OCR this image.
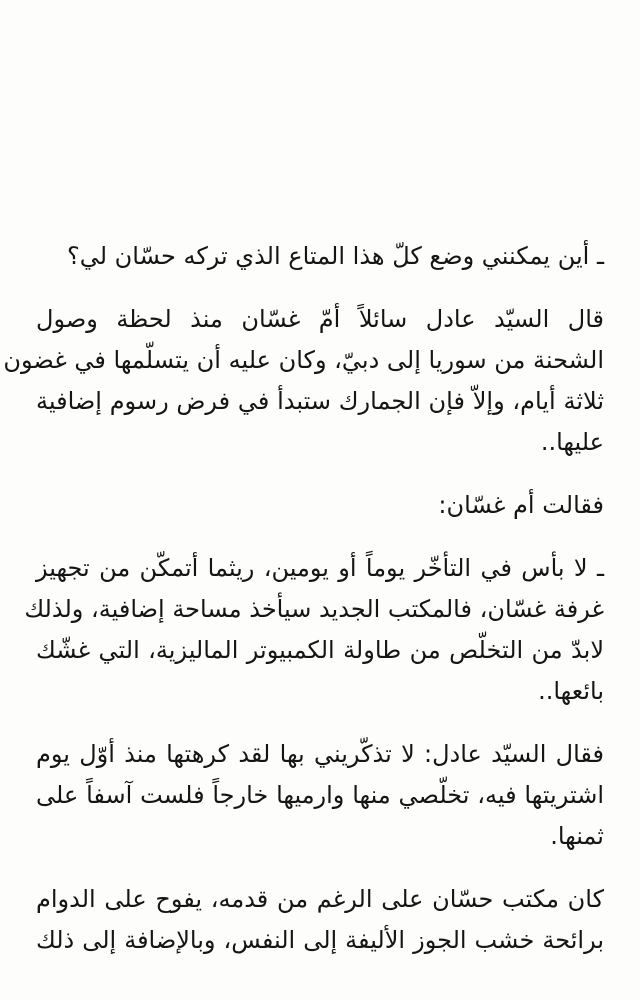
ـ أين يمكنني وضع كلّ هذا المتاع الذي تركه حسّان لي؟
قال السيّد عادل سائلاً أمّ غسّان منذ لحظة وصول
الشحنة من سوريا إلى دبيّ، وكان عليه أن يتسلّمها في غضون
ثلاثة أيام، وإلاّ فإن الجمارك ستبدأ في فرض رسوم إضافية
عليها..
فقالت أم غسّان:
ـ لا بأس في التأخّر يوماً أو يومين، ريثما أتمكّن من تجهيز
غرفة غسّان، فالمكتب الجديد سيأخذ مساحة إضافية، ولذلك
لابدّ من التخلّص من طاولة الكمبيوتر الماليزية، التي غشّك
بائعها..
فقال السيّد عادل: لا تذكّريني بها لقد كرهتها منذ أوّل يوم
اشتريتها فيه، تخلّصي منها وارميها خارجاً فلست آسفاً على
ثمنها.
كان مكتب حسّان على الرغم من قدمه، يفوح على الدوام
برائحة خشب الجوز الأليفة إلى النفس، وبالإضافة إلى ذلك
